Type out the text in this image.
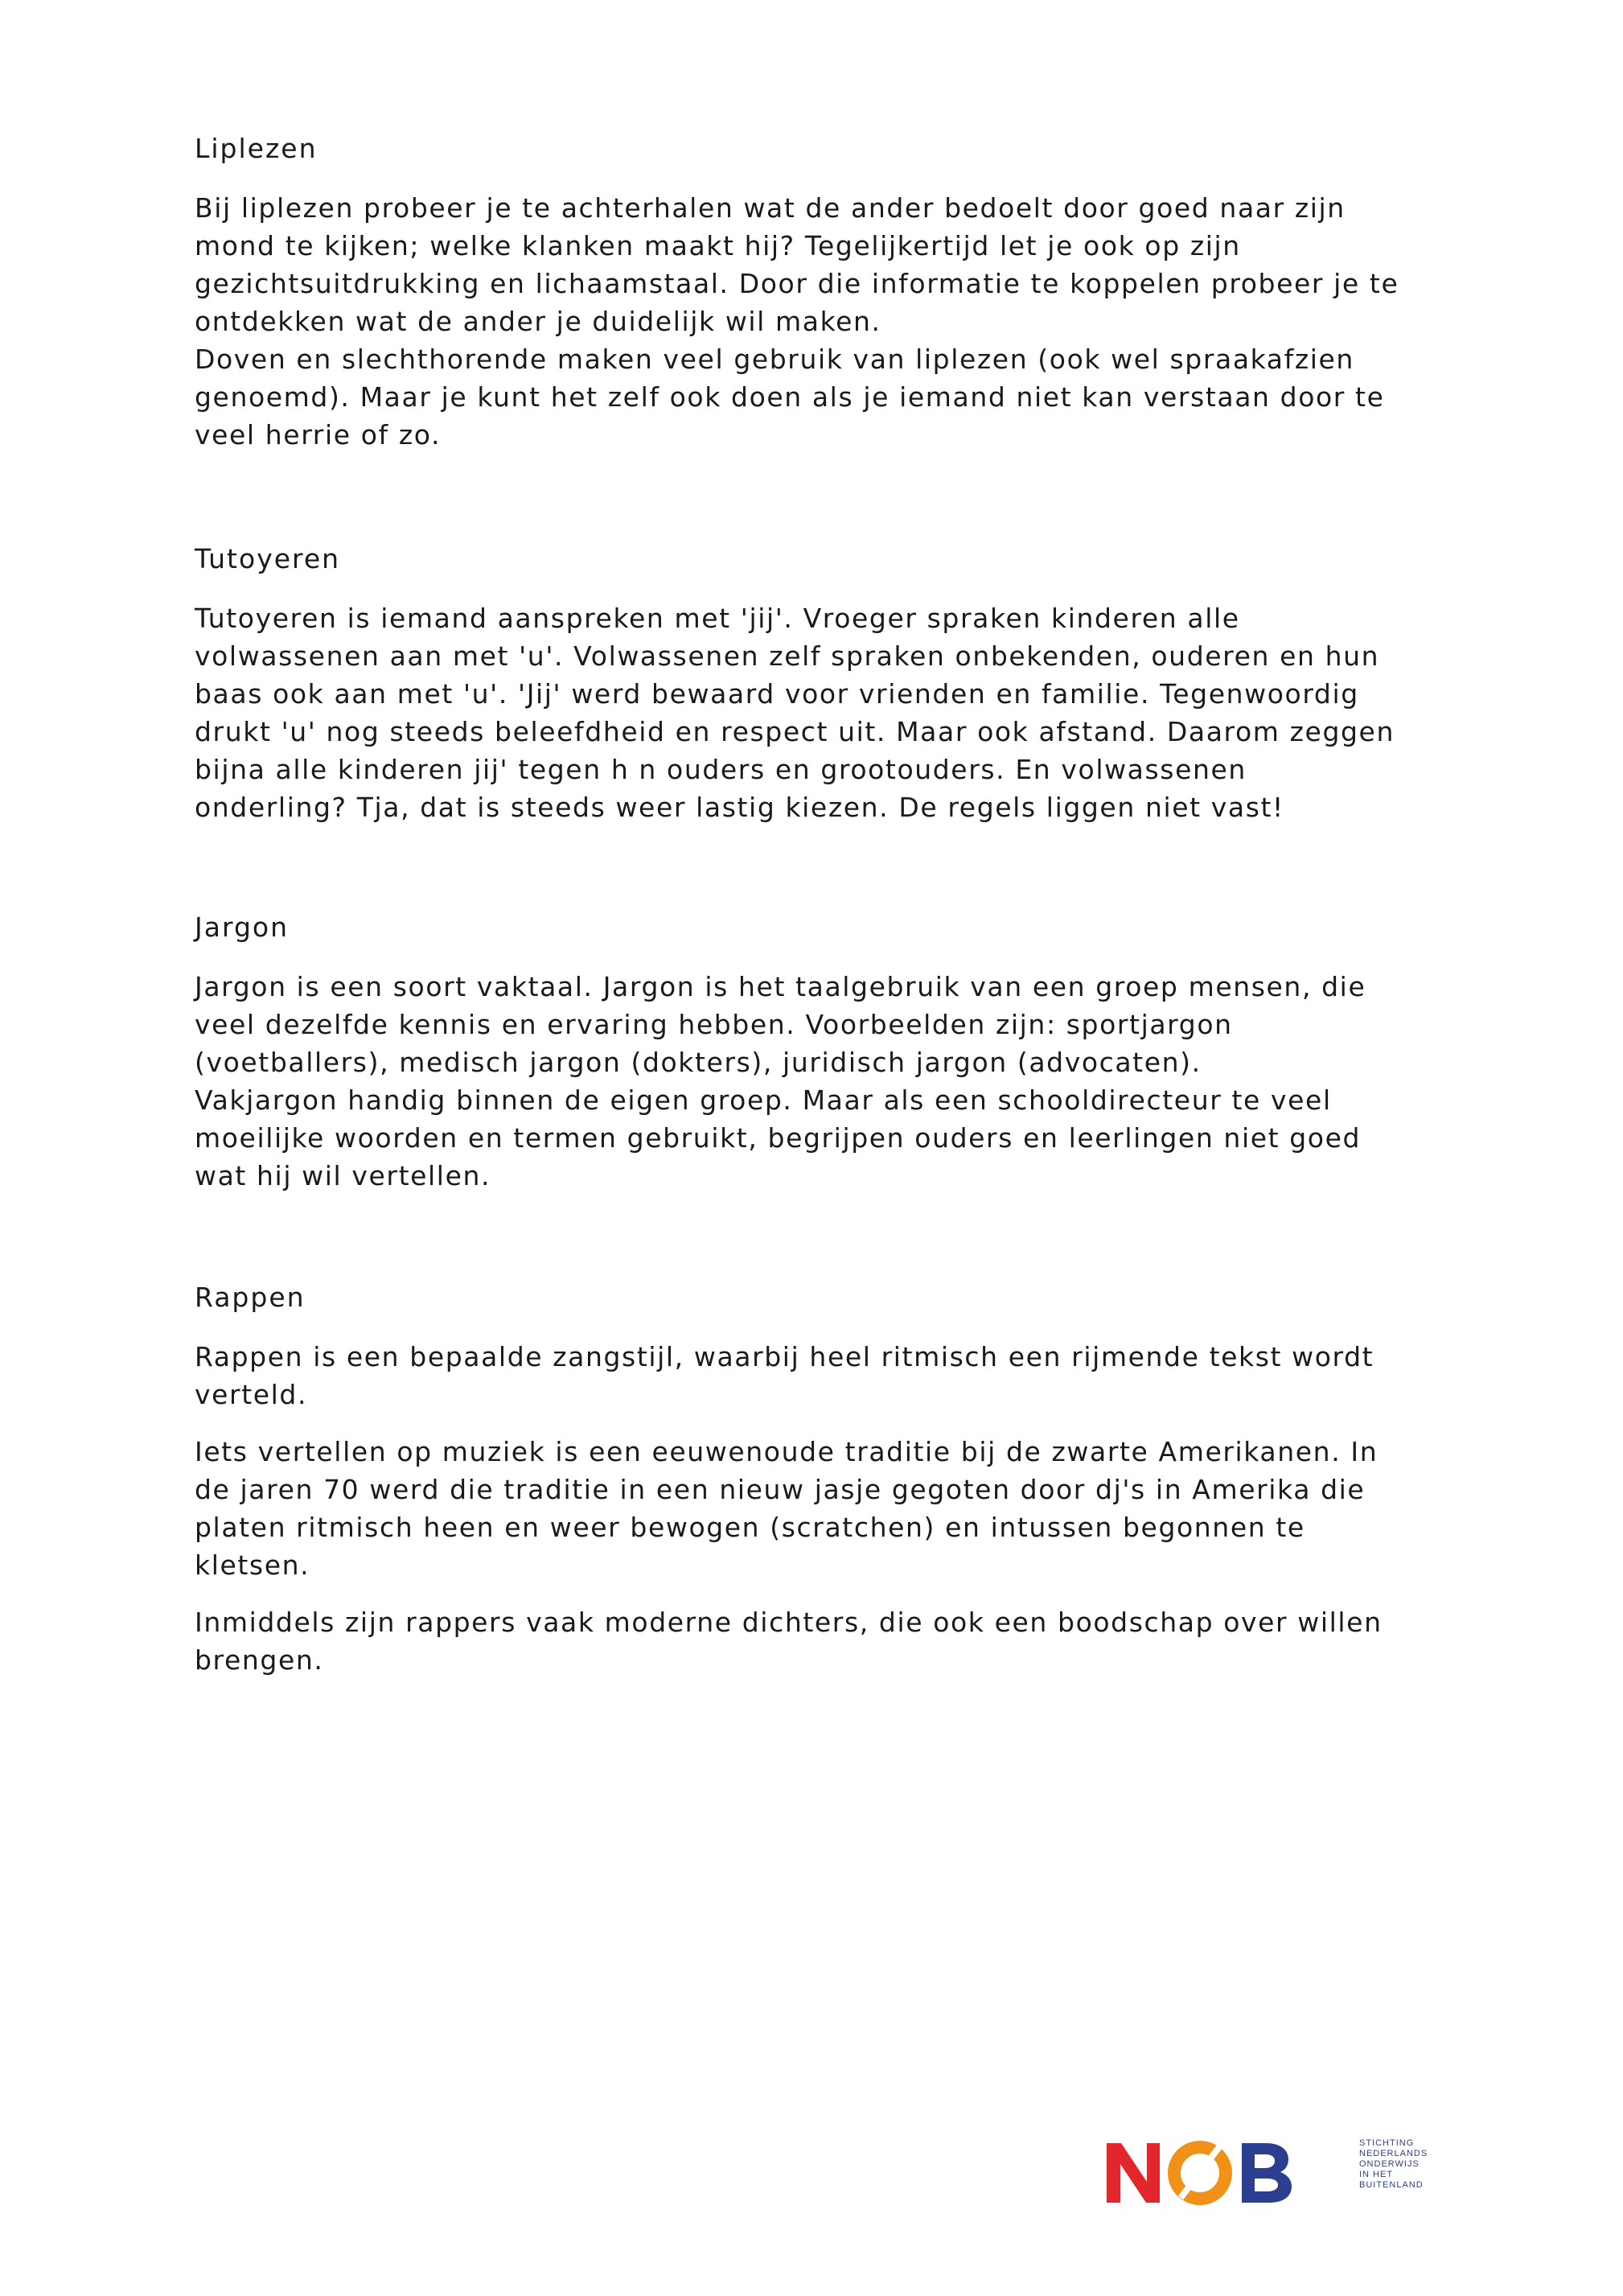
Liplezen

Bij liplezen probeer je te achterhalen wat de ander bedoelt door goed naar zijn
mond te kijken; welke klanken maakt hij? Tegelijkertijd let je ook op zijn
gezichtsuitdrukking en lichaamstaal. Door die informatie te koppelen probeer je te
ontdekken wat de ander je duidelijk wil maken.
Doven en slechthorende maken veel gebruik van liplezen (ook wel spraakafzien
genoemd). Maar je kunt het zelf ook doen als je iemand niet kan verstaan door te
veel herrie of zo.

Tutoyeren

Tutoyeren is iemand aanspreken met 'jij'. Vroeger spraken kinderen alle
volwassenen aan met 'u'. Volwassenen zelf spraken onbekenden, ouderen en hun
baas ook aan met 'u'. 'Jij' werd bewaard voor vrienden en familie. Tegenwoordig
drukt 'u' nog steeds beleefdheid en respect uit. Maar ook afstand. Daarom zeggen
bijna alle kinderen jij' tegen h n ouders en grootouders. En volwassenen
onderling? Tja, dat is steeds weer lastig kiezen. De regels liggen niet vast!

Jargon

Jargon is een soort vaktaal. Jargon is het taalgebruik van een groep mensen, die
veel dezelfde kennis en ervaring hebben. Voorbeelden zijn: sportjargon
(voetballers), medisch jargon (dokters), juridisch jargon (advocaten).
Vakjargon handig binnen de eigen groep. Maar als een schooldirecteur te veel
moeilijke woorden en termen gebruikt, begrijpen ouders en leerlingen niet goed
wat hij wil vertellen.

Rappen

Rappen is een bepaalde zangstijl, waarbij heel ritmisch een rijmende tekst wordt
verteld.

Iets vertellen op muziek is een eeuwenoude traditie bij de zwarte Amerikanen. In
de jaren 70 werd die traditie in een nieuw jasje gegoten door dj's in Amerika die
platen ritmisch heen en weer bewogen (scratchen) en intussen begonnen te
kletsen.

Inmiddels zijn rappers vaak moderne dichters, die ook een boodschap over willen
brengen.

STICHTING
NEDERLANDS
ONDERWIJS
IN HET
BUITENLAND
